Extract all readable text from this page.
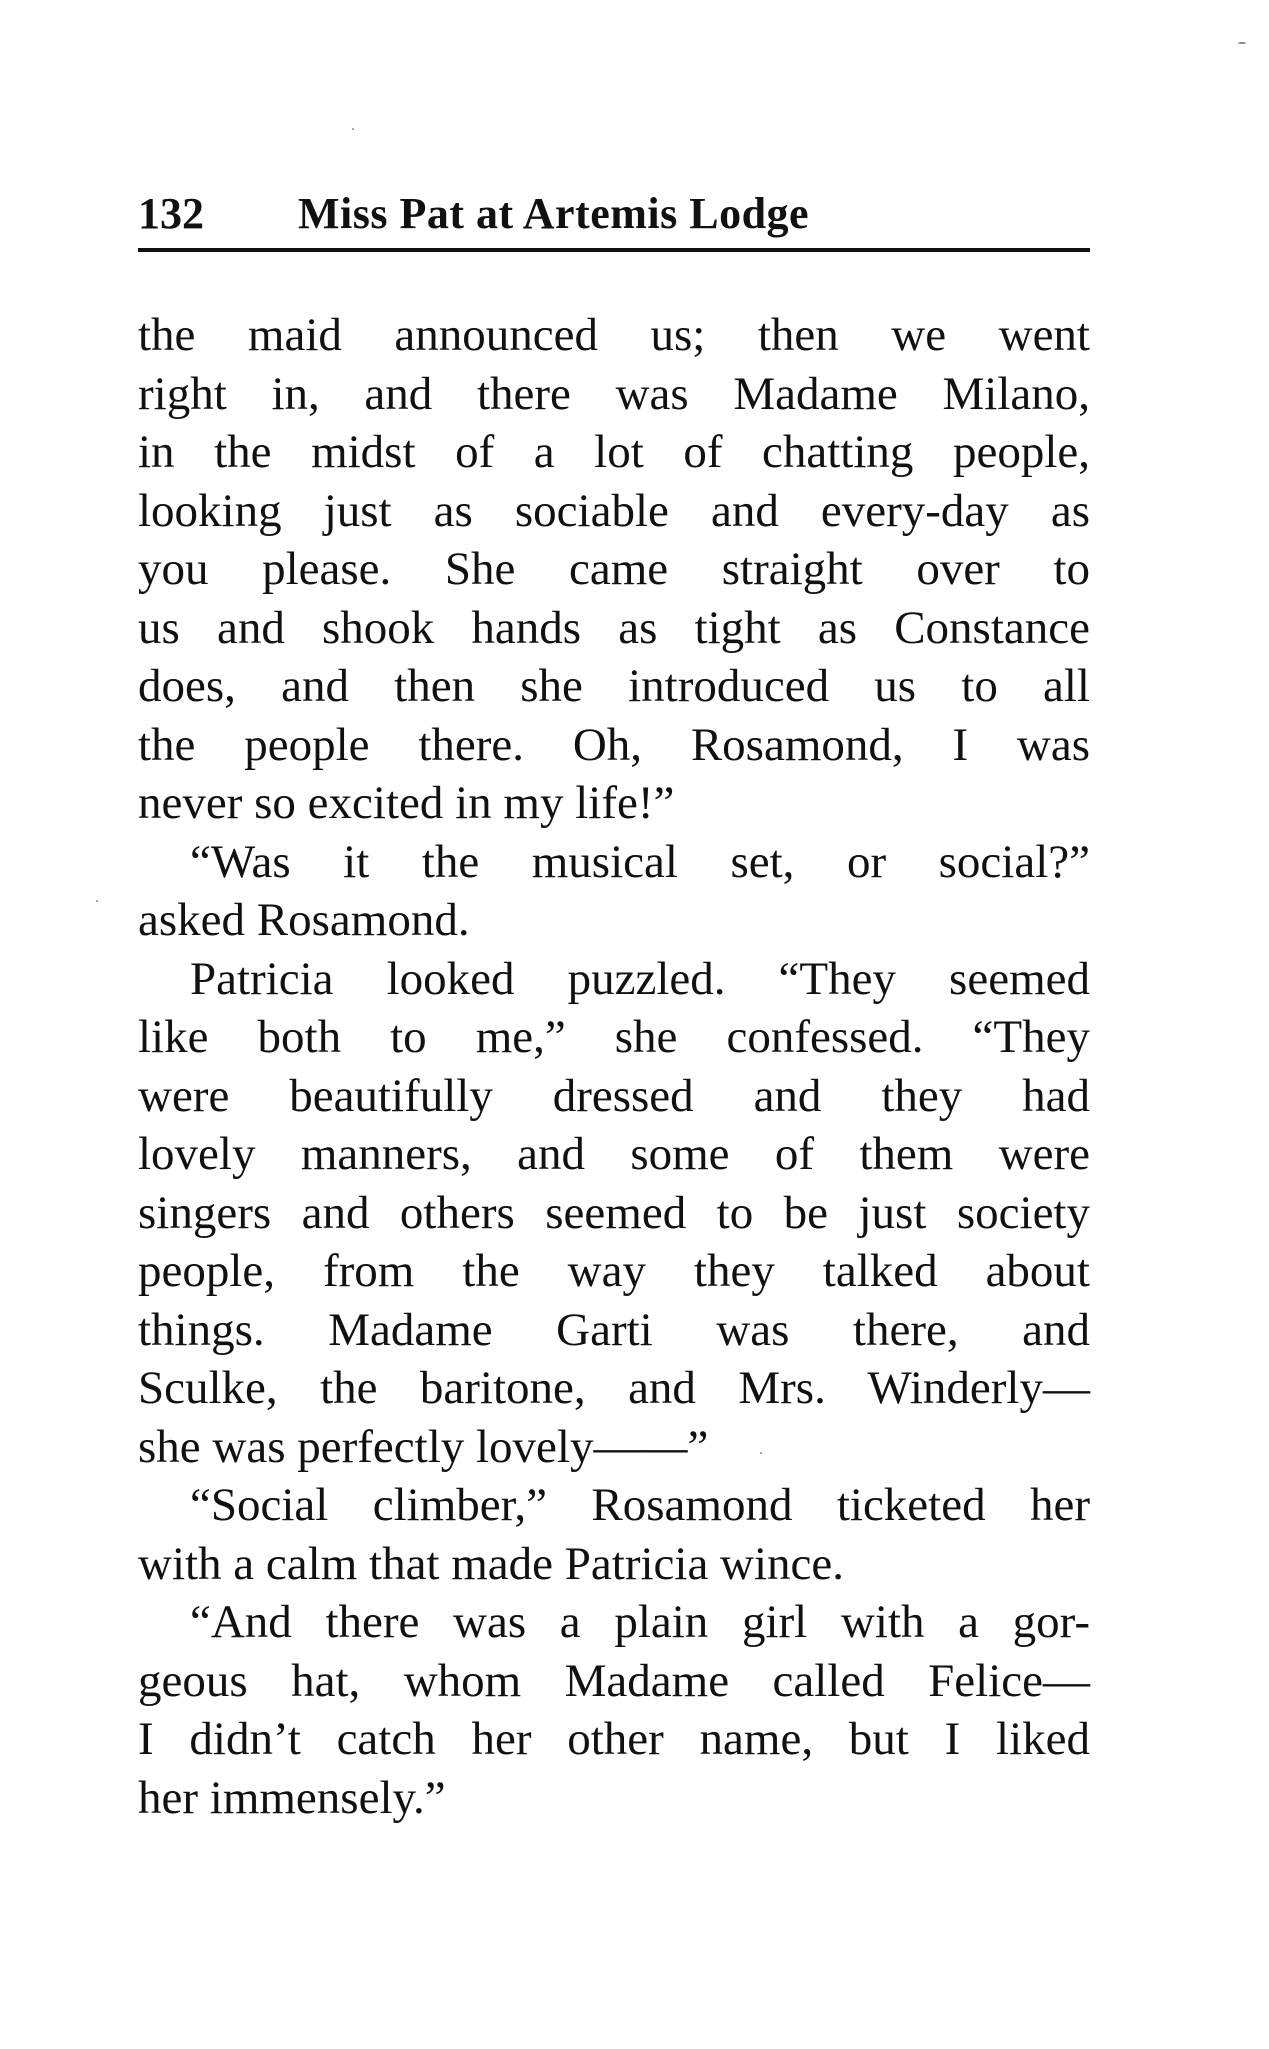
132 Miss Pat at Artemis Lodge
the maid announced us; then we went
right in, and there was Madame Milano,
in the midst of a lot of chatting people,
looking just as sociable and every-day as
you please. She came straight over to
us and shook hands as tight as Constance
does, and then she introduced us to all
the people there. Oh, Rosamond, I was
never so excited in my life!”
“Was it the musical set, or social?”
asked Rosamond.
Patricia looked puzzled. “They seemed
like both to me,” she confessed. “They
were beautifully dressed and they had
lovely manners, and some of them were
singers and others seemed to be just society
people, from the way they talked about
things. Madame Garti was there, and
Sculke, the baritone, and Mrs. Winderly—
she was perfectly lovely——”
“Social climber,” Rosamond ticketed her
with a calm that made Patricia wince.
“And there was a plain girl with a gor-
geous hat, whom Madame called Felice—
I didn’t catch her other name, but I liked
her immensely.”
